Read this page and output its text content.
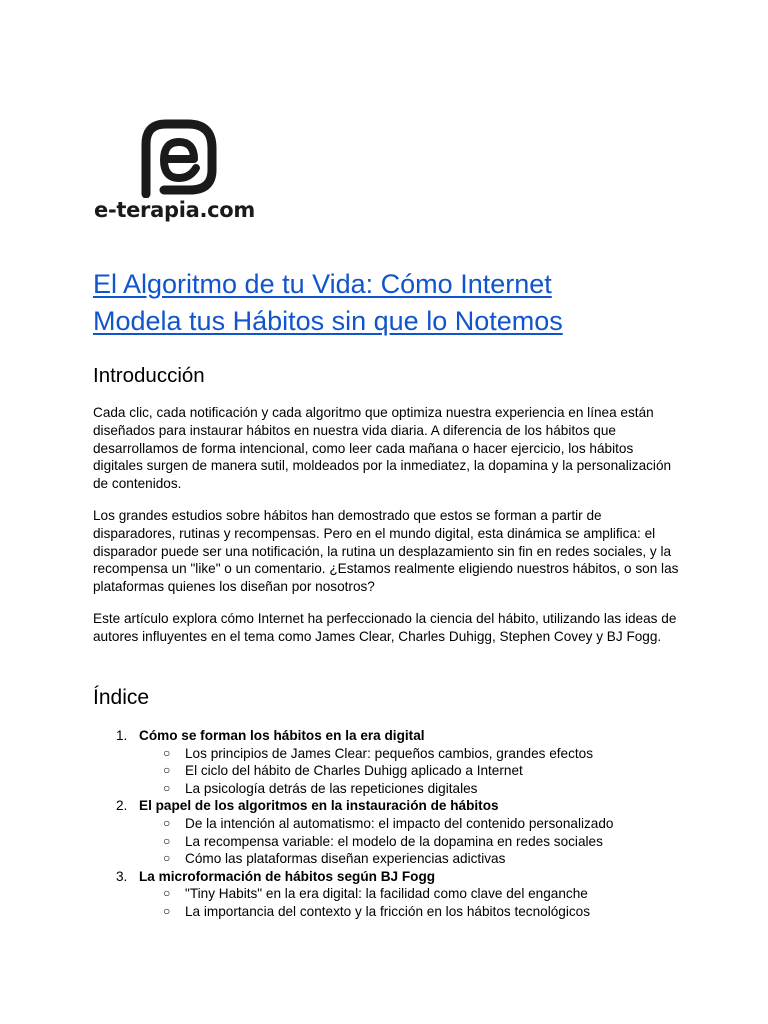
e-terapia.com
El Algoritmo de tu Vida: Cómo Internet
Modela tus Hábitos sin que lo Notemos
Introducción

Cada clic, cada notificación y cada algoritmo que optimiza nuestra experiencia en línea están diseñados para instaurar hábitos en nuestra vida diaria. A diferencia de los hábitos que desarrollamos de forma intencional, como leer cada mañana o hacer ejercicio, los hábitos digitales surgen de manera sutil, moldeados por la inmediatez, la dopamina y la personalización de contenidos.

Los grandes estudios sobre hábitos han demostrado que estos se forman a partir de disparadores, rutinas y recompensas. Pero en el mundo digital, esta dinámica se amplifica: el disparador puede ser una notificación, la rutina un desplazamiento sin fin en redes sociales, y la recompensa un "like" o un comentario. ¿Estamos realmente eligiendo nuestros hábitos, o son las plataformas quienes los diseñan por nosotros?

Este artículo explora cómo Internet ha perfeccionado la ciencia del hábito, utilizando las ideas de autores influyentes en el tema como James Clear, Charles Duhigg, Stephen Covey y BJ Fogg.

Índice
1. Cómo se forman los hábitos en la era digital
○ Los principios de James Clear: pequeños cambios, grandes efectos
○ El ciclo del hábito de Charles Duhigg aplicado a Internet
○ La psicología detrás de las repeticiones digitales
2. El papel de los algoritmos en la instauración de hábitos
○ De la intención al automatismo: el impacto del contenido personalizado
○ La recompensa variable: el modelo de la dopamina en redes sociales
○ Cómo las plataformas diseñan experiencias adictivas
3. La microformación de hábitos según BJ Fogg
○ "Tiny Habits" en la era digital: la facilidad como clave del enganche
○ La importancia del contexto y la fricción en los hábitos tecnológicos
